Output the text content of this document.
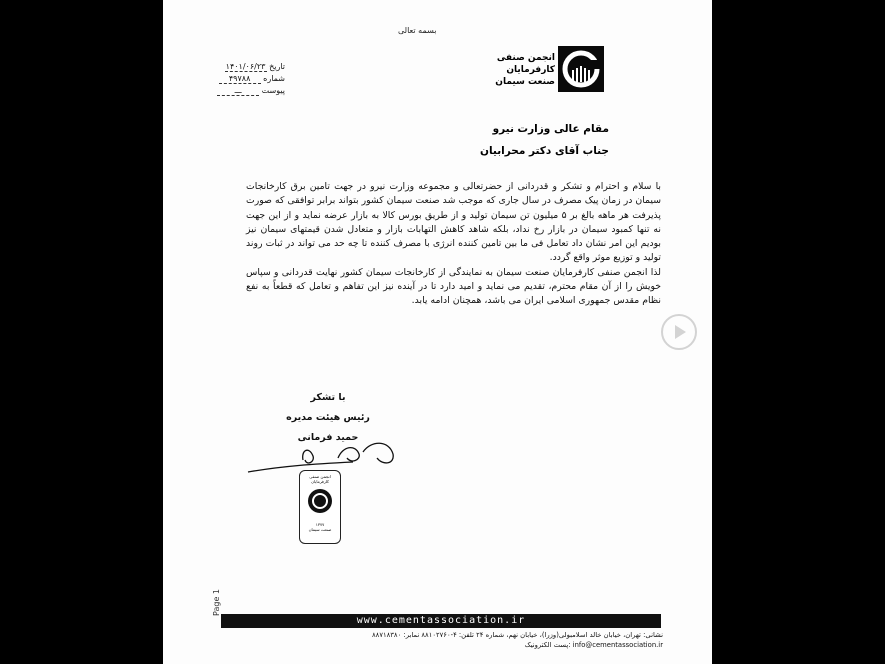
بسمه تعالی
تاریخ ۱۴۰۱/۰۶/۲۳
شماره ۴۹۷۸۸
پیوست ـــ
انجمن صنفی
کارفرمایان
صنعت سیمان
مقام عالی وزارت نیرو
جناب آقای دکتر محرابیان

با سلام و احترام و تشکر و قدردانی از حضرتعالی و مجموعه وزارت نیرو در جهت تامین برق کارخانجات سیمان در زمان پیک مصرف در سال جاری که موجب شد صنعت سیمان کشور بتواند برابر توافقی که صورت پذیرفت هر ماهه بالغ بر ۵ میلیون تن سیمان تولید و از طریق بورس کالا به بازار عرضه نماید و از این جهت نه تنها کمبود سیمان در بازار رخ نداد، بلکه شاهد کاهش التهابات بازار و متعادل شدن قیمتهای سیمان نیز بودیم این امر نشان داد تعامل فی ما بین تامین کننده انرژی با مصرف کننده تا چه حد می تواند در ثبات روند تولید و توزیع موثر واقع گردد.

لذا انجمن صنفی کارفرمایان صنعت سیمان به نمایندگی از کارخانجات سیمان کشور نهایت قدردانی و سپاس خویش را از آن مقام محترم، تقدیم می نماید و امید دارد تا در آینده نیز این تفاهم و تعامل که قطعاً به نفع نظام مقدس جمهوری اسلامی ایران می باشد، همچنان ادامه یابد.

با تشکر
رئیس هیئت مدیره
حمید فرمانی
انجمن صنفی کارفرمایان
۱۳۷۷
صنعت سیمان
Page 1
www.cementassociation.ir
نشانی: تهران، خیابان خالد اسلامبولی(وزرا)، خیابان نهم، شماره ۲۴ تلفن: ۴-۸۸۱۰۲۷۶۰ نمابر: ۸۸۷۱۸۳۸۰
info@cementassociation.ir :پست الکترونیک
